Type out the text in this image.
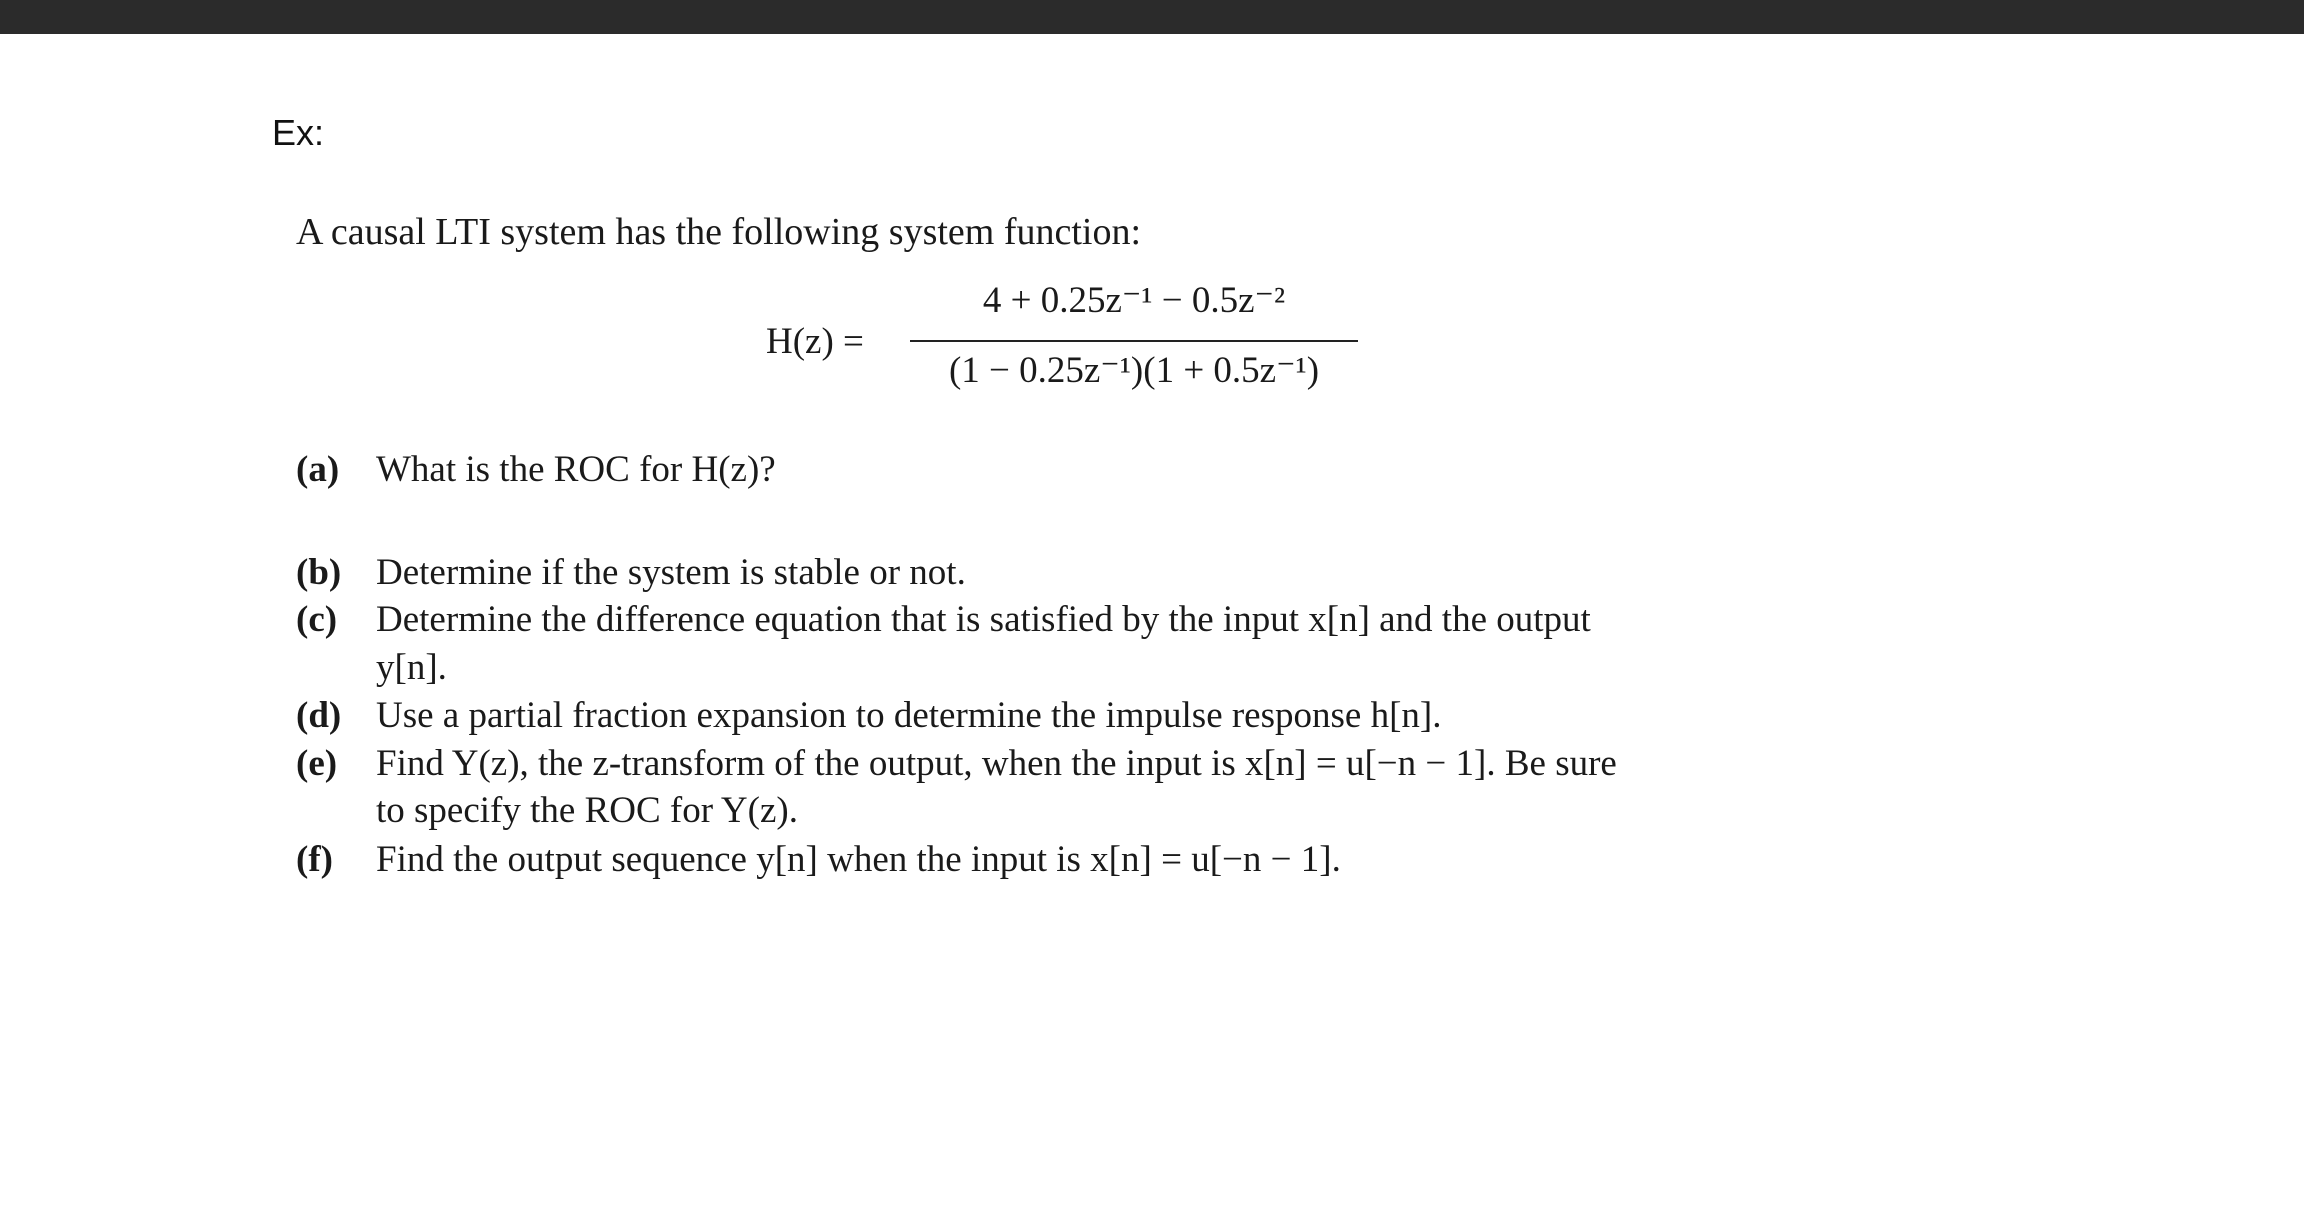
Ex:
A causal LTI system has the following system function:
H(z) =
4 + 0.25z⁻¹ − 0.5z⁻²
(1 − 0.25z⁻¹)(1 + 0.5z⁻¹)
(a) What is the ROC for H(z)?
(b) Determine if the system is stable or not.
(c) Determine the difference equation that is satisfied by the input x[n] and the output
y[n].
(d) Use a partial fraction expansion to determine the impulse response h[n].
(e) Find Y(z), the z-transform of the output, when the input is x[n] = u[−n − 1]. Be sure
to specify the ROC for Y(z).
(f) Find the output sequence y[n] when the input is x[n] = u[−n − 1].
